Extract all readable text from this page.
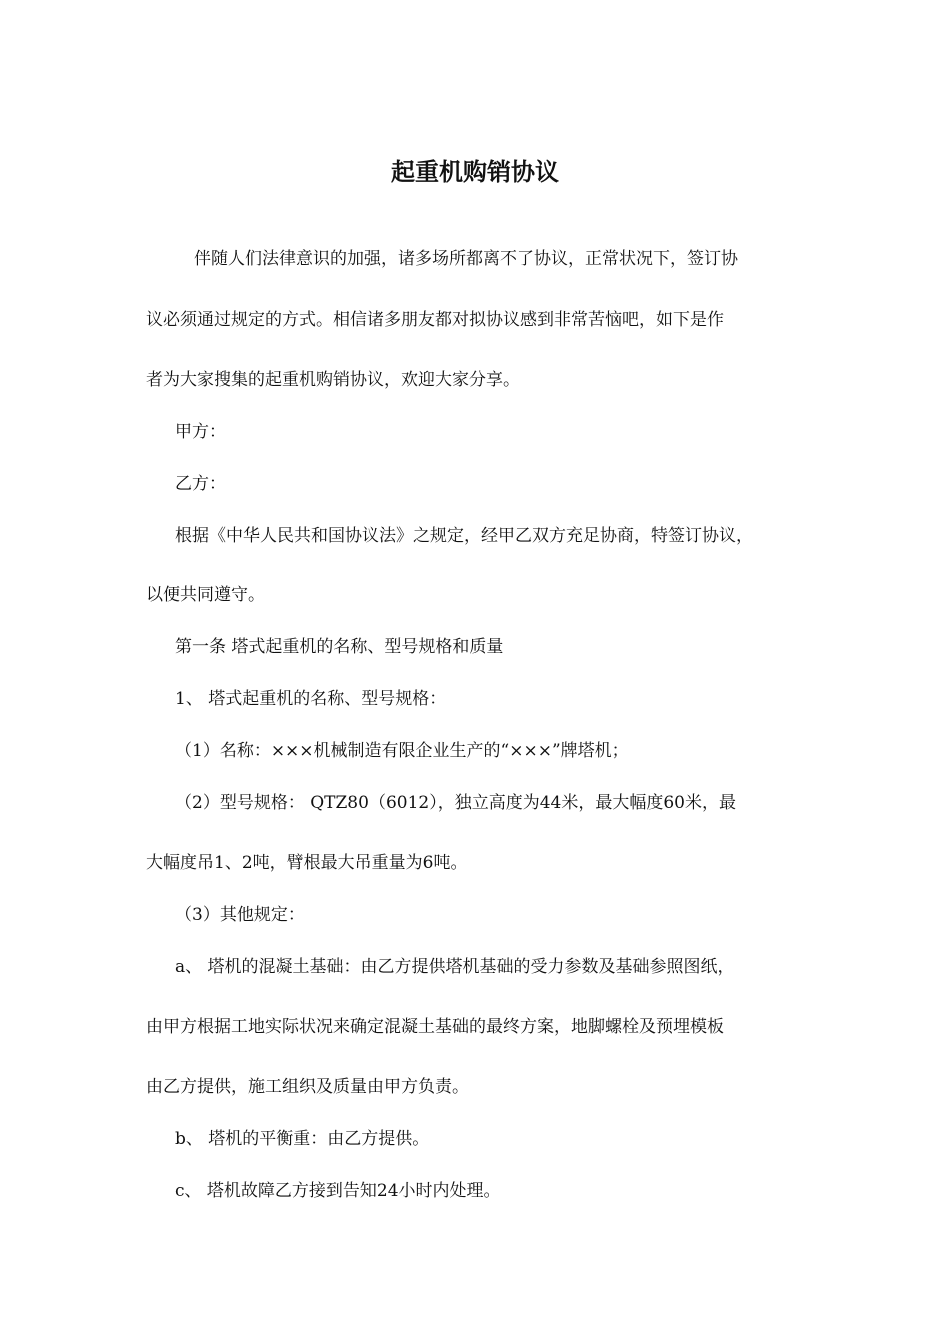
起重机购销协议
伴随人们法律意识的加强，诸多场所都离不了协议，正常状况下，签订协
议必须通过规定的方式。相信诸多朋友都对拟协议感到非常苦恼吧，如下是作
者为大家搜集的起重机购销协议，欢迎大家分享。
甲方：
乙方：
根据《中华人民共和国协议法》之规定，经甲乙双方充足协商，特签订协议，
以便共同遵守。
第一条 塔式起重机的名称、型号规格和质量
1、 塔式起重机的名称、型号规格：
（1）名称：×××机械制造有限企业生产的“×××”牌塔机；
（2）型号规格： QTZ80（6012），独立高度为44米，最大幅度60米，最
大幅度吊1、2吨，臂根最大吊重量为6吨。
（3）其他规定：
a、 塔机的混凝土基础：由乙方提供塔机基础的受力参数及基础参照图纸，
由甲方根据工地实际状况来确定混凝土基础的最终方案，地脚螺栓及预埋模板
由乙方提供，施工组织及质量由甲方负责。
b、 塔机的平衡重：由乙方提供。
c、 塔机故障乙方接到告知24小时内处理。
